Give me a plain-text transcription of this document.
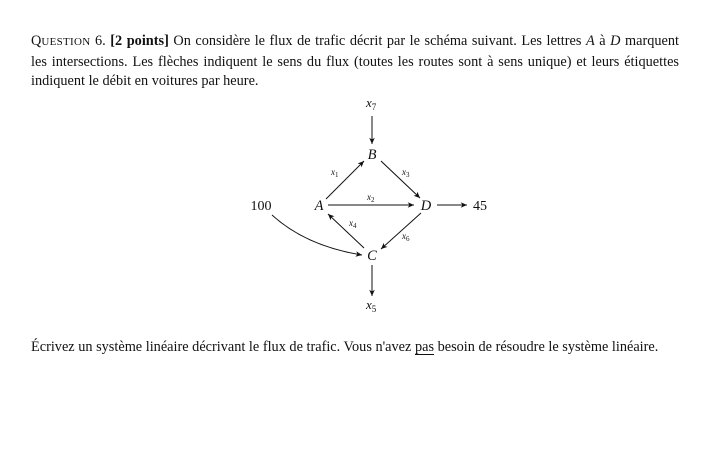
QUESTION 6. [2 points] On considère le flux de trafic décrit par le schéma suivant. Les lettres A à D marquent les intersections. Les flèches indiquent le sens du flux (toutes les routes sont à sens unique) et leurs étiquettes indiquent le débit en voitures par heure.
B
A	D
C
100	45
$x_7$
$x_1$	$x_3$
$x_2$
$x_4$
$x_6$
$x_5$
Écrivez un système linéaire décrivant le flux de trafic. Vous n'avez pas besoin de résoudre le système linéaire.
